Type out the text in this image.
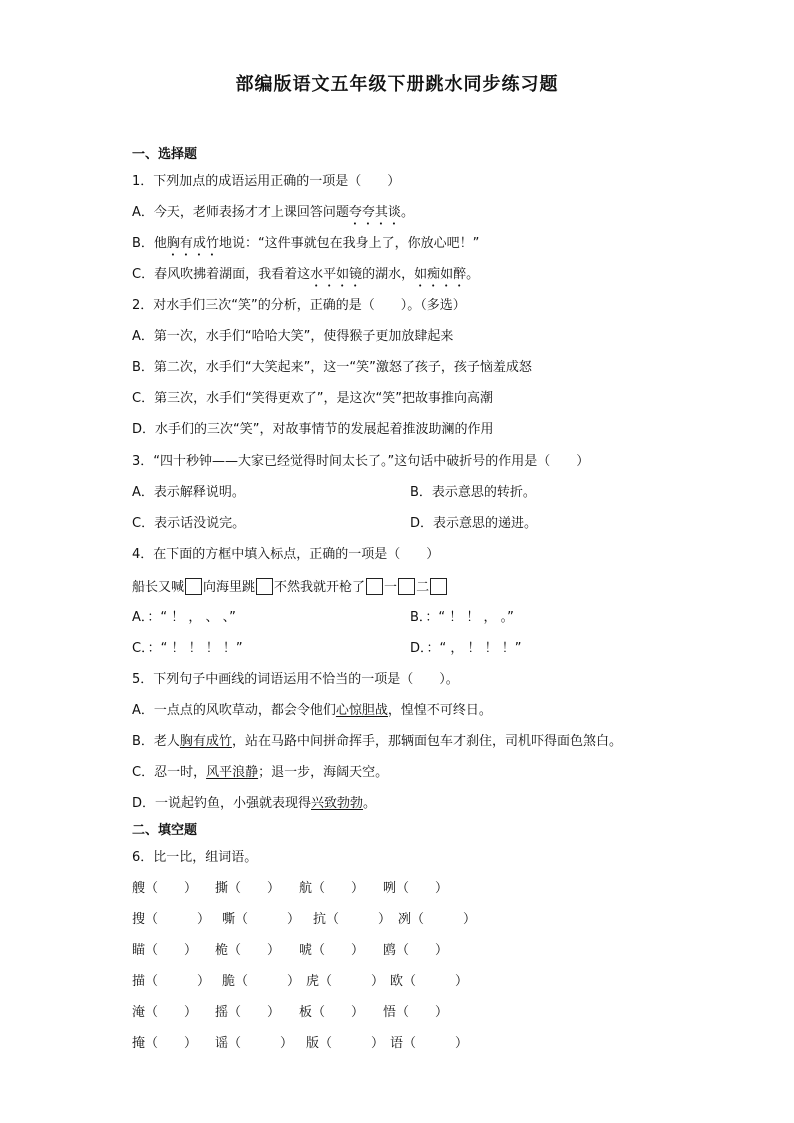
部编版语文五年级下册跳水同步练习题
一、选择题
1．下列加点的成语运用正确的一项是（　　）
A．今天，老师表扬才才上课回答问题夸夸其谈。
B．他胸有成竹地说：“这件事就包在我身上了，你放心吧！”
C．春风吹拂着湖面，我看着这水平如镜的湖水，如痴如醉。
2．对水手们三次“笑”的分析，正确的是（　　）。（多选）
A．第一次，水手们“哈哈大笑”，使得猴子更加放肆起来
B．第二次，水手们“大笑起来”，这一“笑”激怒了孩子，孩子恼羞成怒
C．第三次，水手们“笑得更欢了”，是这次“笑”把故事推向高潮
D．水手们的三次“笑”，对故事情节的发展起着推波助澜的作用
3．“四十秒钟——大家已经觉得时间太长了。”这句话中破折号的作用是（　　）
A．表示解释说明。	B．表示意思的转折。
C．表示话没说完。	D．表示意思的递进。
4．在下面的方框中填入标点，正确的一项是（　　）
船长又喊 向海里跳 不然我就开枪了 一 二
A．：“ ！ ， 、 、”	B．：“ ！ ！ ， 。”
C．：“ ！ ！ ！ ！”	D．：“ ， ！ ！ ！”
5．下列句子中画线的词语运用不恰当的一项是（　　）。
A．一点点的风吹草动，都会令他们心惊胆战，惶惶不可终日。
B．老人胸有成竹，站在马路中间拼命挥手，那辆面包车才刹住，司机吓得面色煞白。
C．忍一时，风平浪静；退一步，海阔天空。
D．一说起钓鱼，小强就表现得兴致勃勃。
二、填空题
6．比一比，组词语。
艘（　　） 撕（　　） 航（　　） 咧（　　）
搜（　　　） 嘶（　　　） 抗（　　　） 冽（　　　）
瞄（　　） 桅（　　） 唬（　　） 鸥（　　）
描（　　　） 脆（　　　） 虎（　　　） 欧（　　　）
淹（　　） 摇（　　） 板（　　） 悟（　　）
掩（　　） 谣（　　　） 版（　　　） 语（　　　）
